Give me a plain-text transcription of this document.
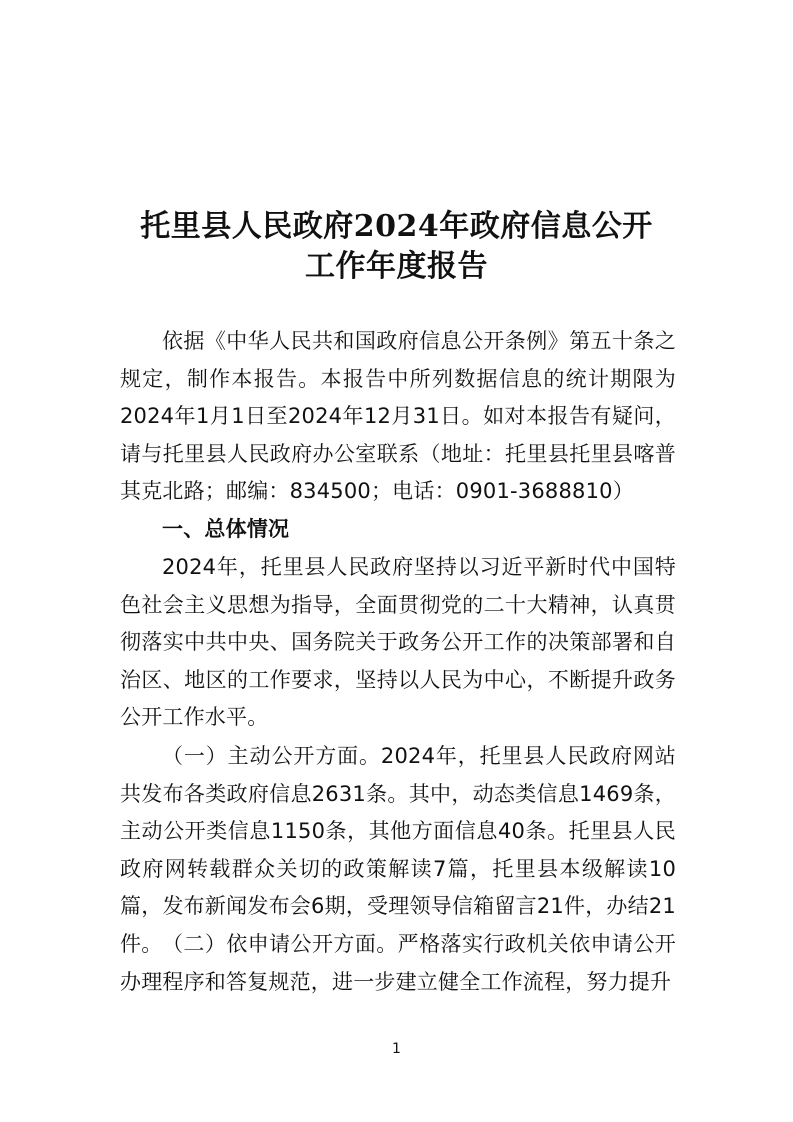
托里县人民政府2024年政府信息公开
工作年度报告

依据《中华人民共和国政府信息公开条例》第五十条之规定，制作本报告。本报告中所列数据信息的统计期限为2024年1月1日至2024年12月31日。如对本报告有疑问，请与托里县人民政府办公室联系（地址：托里县托里县喀普其克北路；邮编：834500；电话：0901-3688810）

一、总体情况

2024年，托里县人民政府坚持以习近平新时代中国特色社会主义思想为指导，全面贯彻党的二十大精神，认真贯彻落实中共中央、国务院关于政务公开工作的决策部署和自治区、地区的工作要求，坚持以人民为中心，不断提升政务公开工作水平。

（一）主动公开方面。2024年，托里县人民政府网站共发布各类政府信息2631条。其中，动态类信息1469条，主动公开类信息1150条，其他方面信息40条。托里县人民政府网转载群众关切的政策解读7篇，托里县本级解读10篇，发布新闻发布会6期，受理领导信箱留言21件，办结21件。 （二）依申请公开方面。严格落实行政机关依申请公开办理程序和答复规范，进一步建立健全工作流程，努力提升

1
